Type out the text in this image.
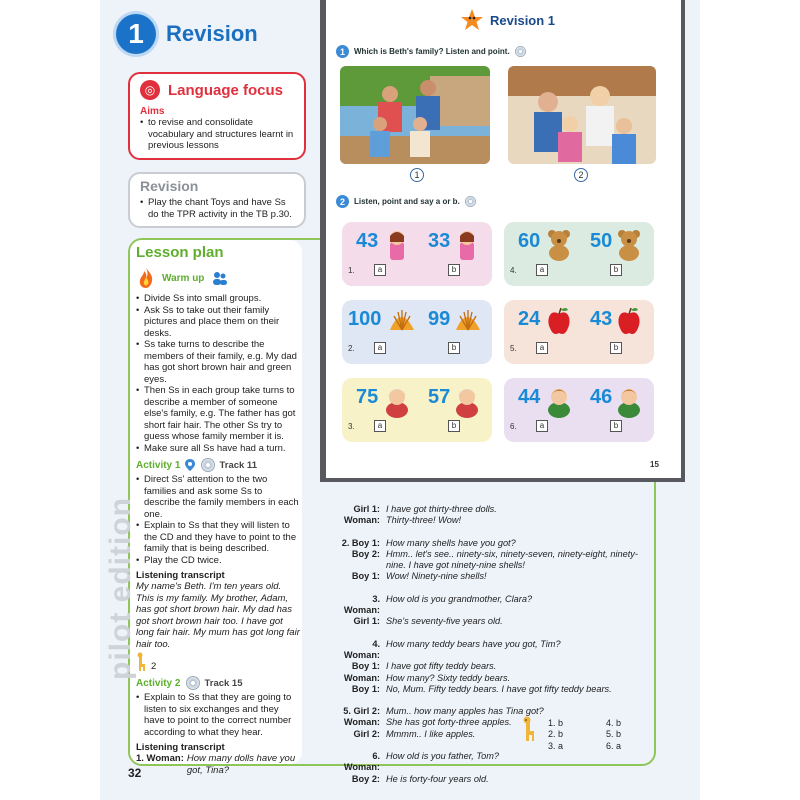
1	Revision
◎ Language focus
Aims
• to revise and consolidate vocabulary and structures learnt in previous lessons
Revision
• Play the chant Toys and have Ss do the TPR activity in the TB p.30.
Lesson plan
Warm up
• Divide Ss into small groups.
• Ask Ss to take out their family pictures and place them on their desks.
• Ss take turns to describe the members of their family, e.g. My dad has got short brown hair and green eyes.
• Then Ss in each group take turns to describe a member of someone else's family, e.g. The father has got short fair hair. The other Ss try to guess whose family member it is.
• Make sure all Ss have had a turn.
Activity 1	Track 11
• Direct Ss' attention to the two families and ask some Ss to describe the family members in each one.
• Explain to Ss that they will listen to the CD and they have to point to the family that is being described.
• Play the CD twice.
Listening transcript
My name's Beth. I'm ten years old. This is my family. My brother, Adam, has got short brown hair. My dad has got short brown hair too. I have got long fair hair. My mum has got long fair hair too.
2
Activity 2	Track 15
• Explain to Ss that they are going to listen to six exchanges and they have to point to the correct number according to what they hear.
Listening transcript
1. Woman: How many dolls have you got, Tina?
Revision 1
1	Which is Beth's family? Listen and point.
1	2
2	Listen, point and say a or b.
43 33
1.	a	b
60 50
4.	a	b
100 99
2.	a	b
24 43
5.	a	b
75 57
3.	a	b
44 46
6.	a	b
15
Girl 1: I have got thirty-three dolls.
Woman: Thirty-three! Wow!
2. Boy 1: How many shells have you got?
Boy 2: Hmm.. let's see.. ninety-six, ninety-seven, ninety-eight, ninety-
nine. I have got ninety-nine shells!
Boy 1: Wow! Ninety-nine shells!
3. Woman:
How old is you grandmother, Clara?
Girl 1: She's seventy-five years old.
4. Woman:
How many teddy bears have you got, Tim?
Boy 1: I have got fifty teddy bears.
Woman: How many? Sixty teddy bears.
Boy 1: No, Mum. Fifty teddy bears. I have got fifty teddy bears.
5. Girl 2: Mum.. how many apples has Tina got?
Woman: She has got forty-three apples.
Girl 2: Mmmm.. I like apples.
6. Woman:
How old is you father, Tom?
Boy 2: He is forty-four years old.
1. b	4. b
2. b	5. b
3. a	6. a
32
pilot edition
